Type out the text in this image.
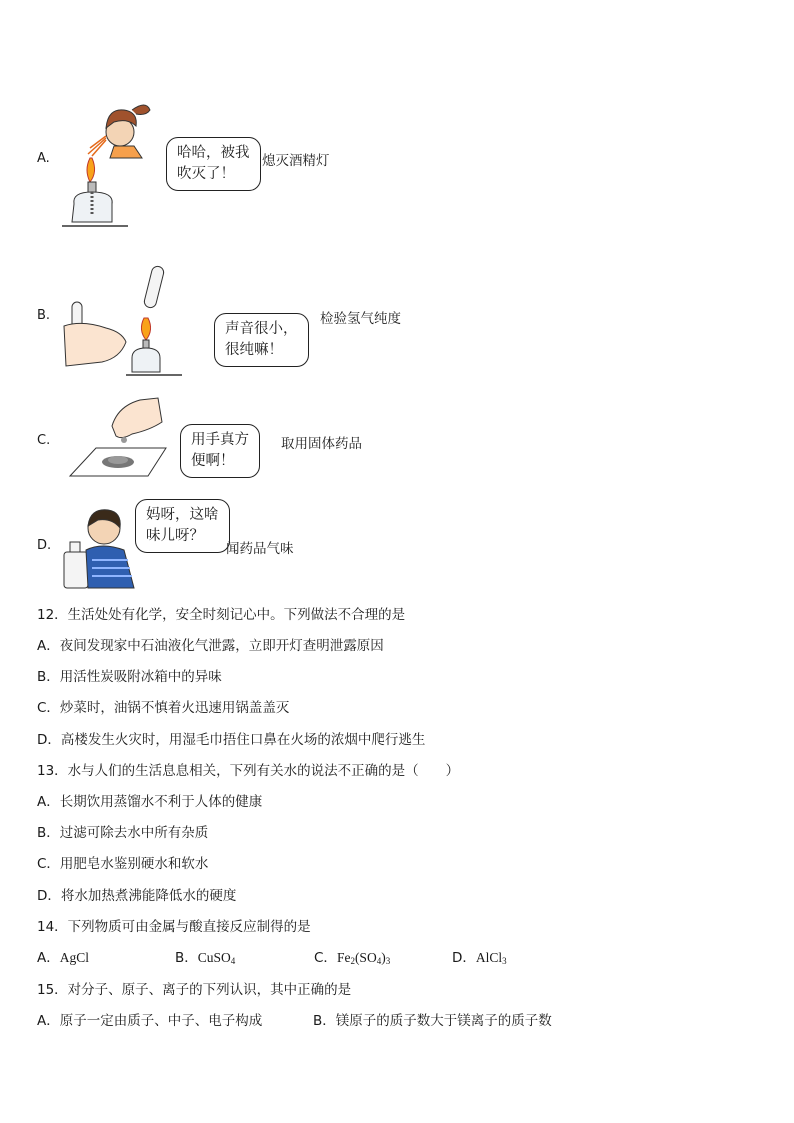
A.	哈哈，被我
吹灭了！
熄灭酒精灯
B.
声音很小，
很纯嘛！
检验氢气纯度
C.	用手真方
便啊！
取用固体药品
D.
妈呀，这啥
味儿呀？
闻药品气味
12．生活处处有化学，安全时刻记心中。下列做法不合理的是
A．夜间发现家中石油液化气泄露，立即开灯查明泄露原因
B．用活性炭吸附冰箱中的异味
C．炒菜时，油锅不慎着火迅速用锅盖盖灭
D．高楼发生火灾时，用湿毛巾捂住口鼻在火场的浓烟中爬行逃生
13．水与人们的生活息息相关，下列有关水的说法不正确的是（　　）
A．长期饮用蒸馏水不利于人体的健康
B．过滤可除去水中所有杂质
C．用肥皂水鉴别硬水和软水
D．将水加热煮沸能降低水的硬度
14．下列物质可由金属与酸直接反应制得的是
A．AgCl	B．CuSO$_4$	C．$Fe_2(SO_4)_3$	D．AlCl$_3$
15．对分子、原子、离子的下列认识，其中正确的是
A．原子一定由质子、中子、电子构成	B．镁原子的质子数大于镁离子的质子数
